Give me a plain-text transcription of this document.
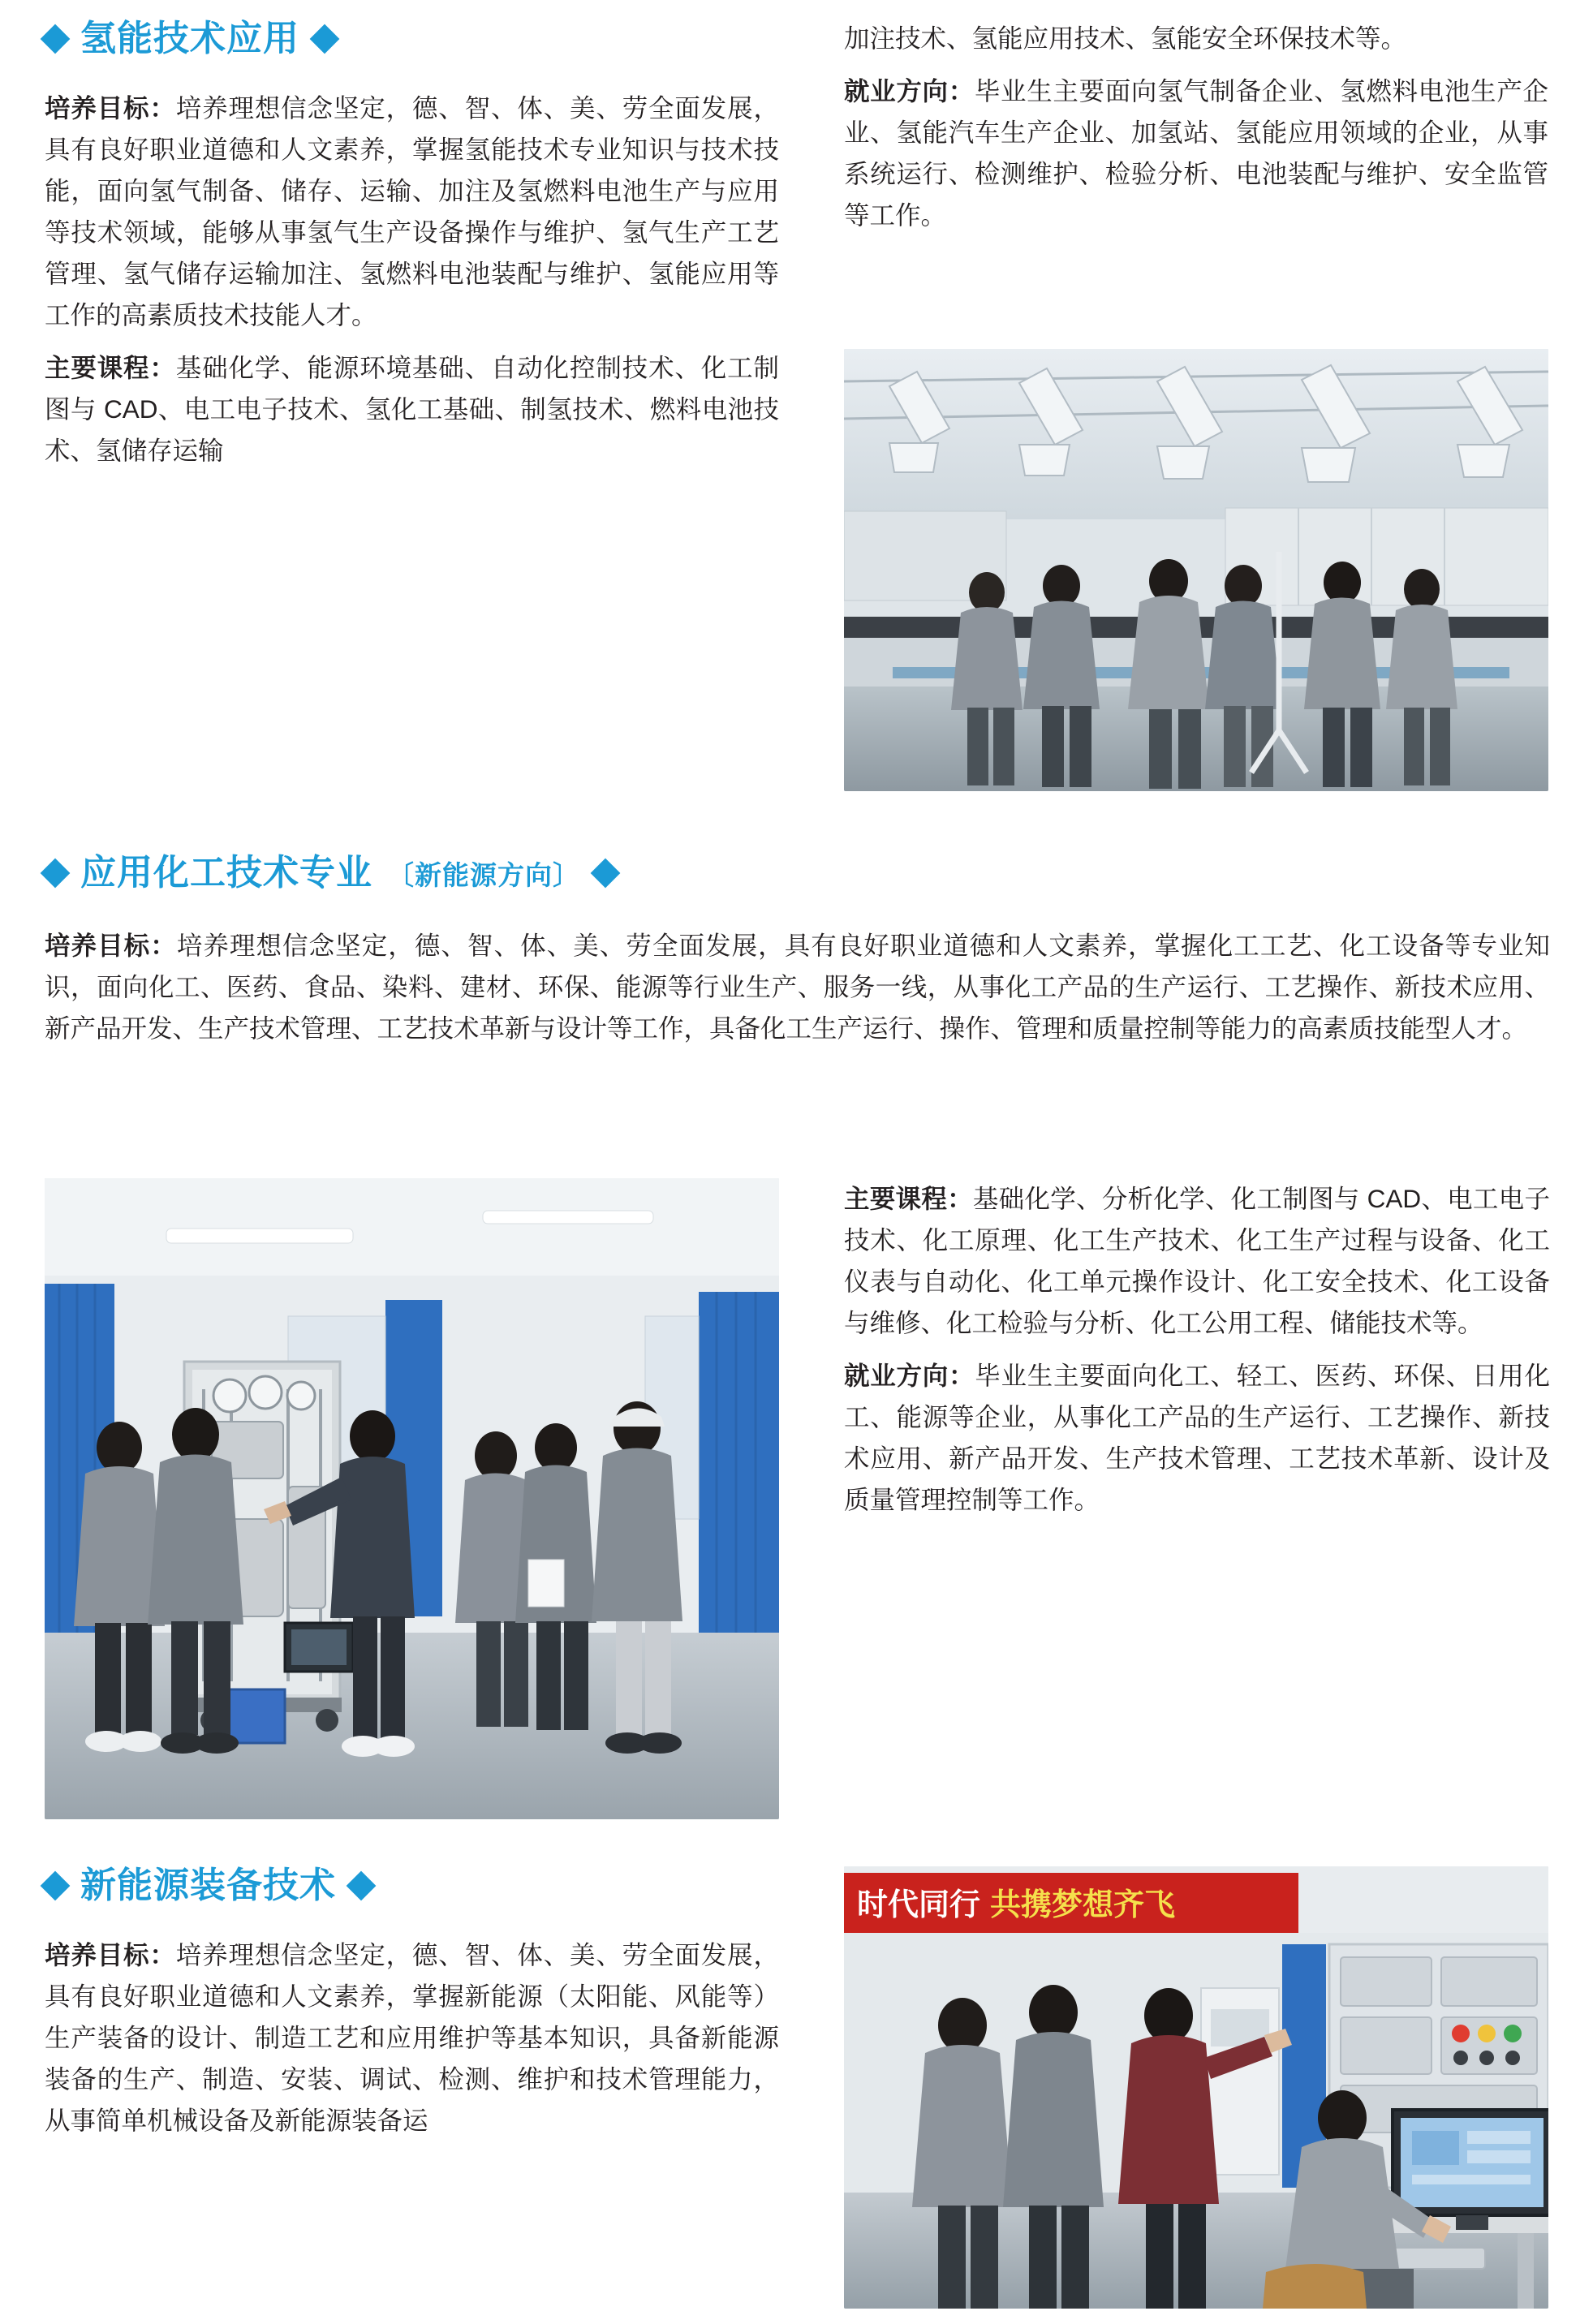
氢能技术应用

培养目标：培养理想信念坚定，德、智、体、美、劳全面发展，具有良好职业道德和人文素养，掌握氢能技术专业知识与技术技能，面向氢气制备、储存、运输、加注及氢燃料电池生产与应用等技术领域，能够从事氢气生产设备操作与维护、氢气生产工艺管理、氢气储存运输加注、氢燃料电池装配与维护、氢能应用等工作的高素质技术技能人才。

主要课程：基础化学、能源环境基础、自动化控制技术、化工制图与 CAD、电工电子技术、氢化工基础、制氢技术、燃料电池技术、氢储存运输

加注技术、氢能应用技术、氢能安全环保技术等。

就业方向：毕业生主要面向氢气制备企业、氢燃料电池生产企业、氢能汽车生产企业、加氢站、氢能应用领域的企业，从事系统运行、检测维护、检验分析、电池装配与维护、安全监管等工作。

应用化工技术专业 〔新能源方向〕

培养目标：培养理想信念坚定，德、智、体、美、劳全面发展，具有良好职业道德和人文素养，掌握化工工艺、化工设备等专业知识，面向化工、医药、食品、染料、建材、环保、能源等行业生产、服务一线，从事化工产品的生产运行、工艺操作、新技术应用、新产品开发、生产技术管理、工艺技术革新与设计等工作，具备化工生产运行、操作、管理和质量控制等能力的高素质技能型人才。

主要课程：基础化学、分析化学、化工制图与 CAD、电工电子技术、化工原理、化工生产技术、化工生产过程与设备、化工仪表与自动化、化工单元操作设计、化工安全技术、化工设备与维修、化工检验与分析、化工公用工程、储能技术等。

就业方向：毕业生主要面向化工、轻工、医药、环保、日用化工、能源等企业，从事化工产品的生产运行、工艺操作、新技术应用、新产品开发、生产技术管理、工艺技术革新、设计及质量管理控制等工作。

新能源装备技术

培养目标：培养理想信念坚定，德、智、体、美、劳全面发展，具有良好职业道德和人文素养，掌握新能源（太阳能、风能等）生产装备的设计、制造工艺和应用维护等基本知识，具备新能源装备的生产、制造、安装、调试、检测、维护和技术管理能力，从事简单机械设备及新能源装备运

时代同行 共携梦想齐飞
